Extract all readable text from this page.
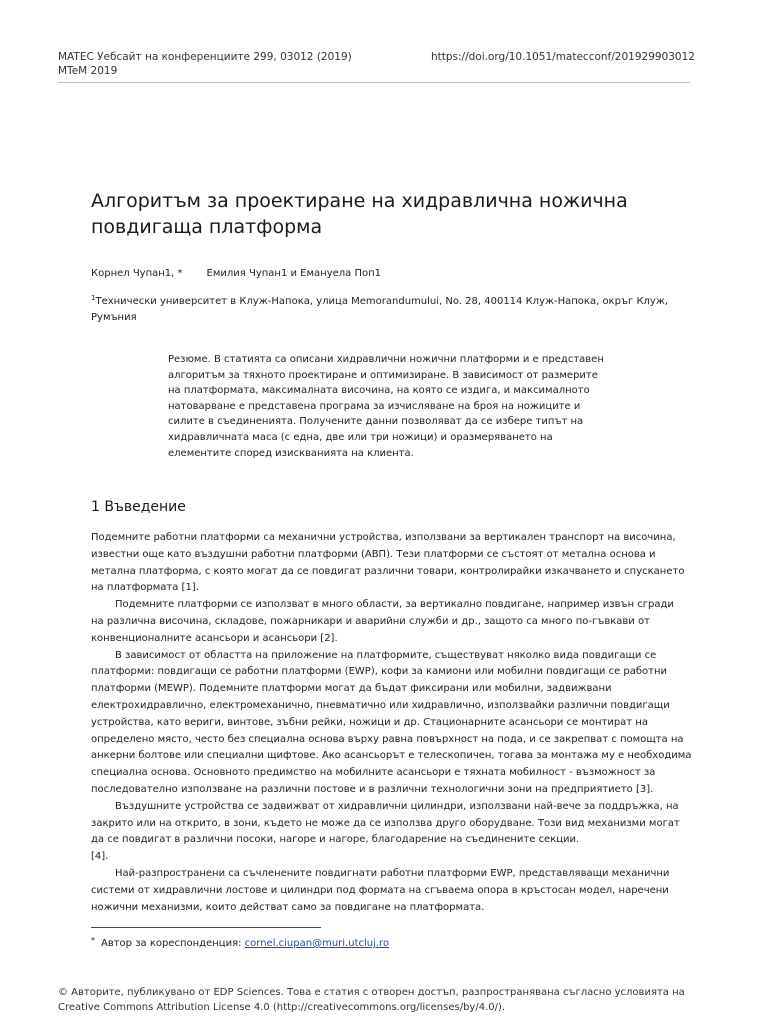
MATEC Уебсайт на конференциите 299, 03012 (2019)
MTeM 2019
https://doi.org/10.1051/matecconf/201929903012
Алгоритъм за проектиране на хидравлична ножична повдигаща платформа
Корнел Чупан1, * Емилия Чупан1 и Емануела Поп1
$^1$Технически университет в Клуж-Напока, улица Memorandumului, No. 28, 400114 Клуж-Напока, окръг Клуж, Румъния
Резюме. В статията са описани хидравлични ножични платформи и е представен
алгоритъм за тяхното проектиране и оптимизиране. В зависимост от размерите
на платформата, максималната височина, на която се издига, и максималното
натоварване е представена програма за изчисляване на броя на ножиците и
силите в съединенията. Получените данни позволяват да се избере типът на
хидравличната маса (с една, две или три ножици) и оразмеряването на
елементите според изискванията на клиента.
1 Въведение
Подемните работни платформи са механични устройства, използвани за вертикален транспорт на височина,
известни още като въздушни работни платформи (АВП). Тези платформи се състоят от метална основа и
метална платформа, с която могат да се повдигат различни товари, контролирайки изкачването и спускането
на платформата [1].
Подемните платформи се използват в много области, за вертикално повдигане, например извън сгради
на различна височина, складове, пожарникари и аварийни служби и др., защото са много по-гъвкави от
конвенционалните асансьори и асансьори [2].
В зависимост от областта на приложение на платформите, съществуват няколко вида повдигащи се
платформи: повдигащи се работни платформи (EWP), кофи за камиони или мобилни повдигащи се работни
платформи (MEWP). Подемните платформи могат да бъдат фиксирани или мобилни, задвижвани
електрохидравлично, електромеханично, пневматично или хидравлично, използвайки различни повдигащи
устройства, като вериги, винтове, зъбни рейки, ножици и др. Стационарните асансьори се монтират на
определено място, често без специална основа върху равна повърхност на пода, и се закрепват с помощта на
анкерни болтове или специални щифтове. Ако асансьорът е телескопичен, тогава за монтажа му е необходима
специална основа. Основното предимство на мобилните асансьори е тяхната мобилност - възможност за
последователно използване на различни постове и в различни технологични зони на предприятието [3].
Въздушните устройства се задвижват от хидравлични цилиндри, използвани най-вече за поддръжка, на
закрито или на открито, в зони, където не може да се използва друго оборудване. Този вид механизми могат
да се повдигат в различни посоки, нагоре и нагоре, благодарение на съединените секции.
[4].
Най-разпространени са съчленените повдигнати работни платформи EWP, представляващи механични
системи от хидравлични лостове и цилиндри под формата на сгъваема опора в кръстосан модел, наречени
ножични механизми, които действат само за повдигане на платформата.
* Автор за кореспонденция: cornel.ciupan@muri.utcluj.ro
© Авторите, публикувано от EDP Sciences. Това е статия с отворен достъп, разпространявана съгласно условията на Creative Commons Attribution License 4.0 (http://creativecommons.org/licenses/by/4.0/).
